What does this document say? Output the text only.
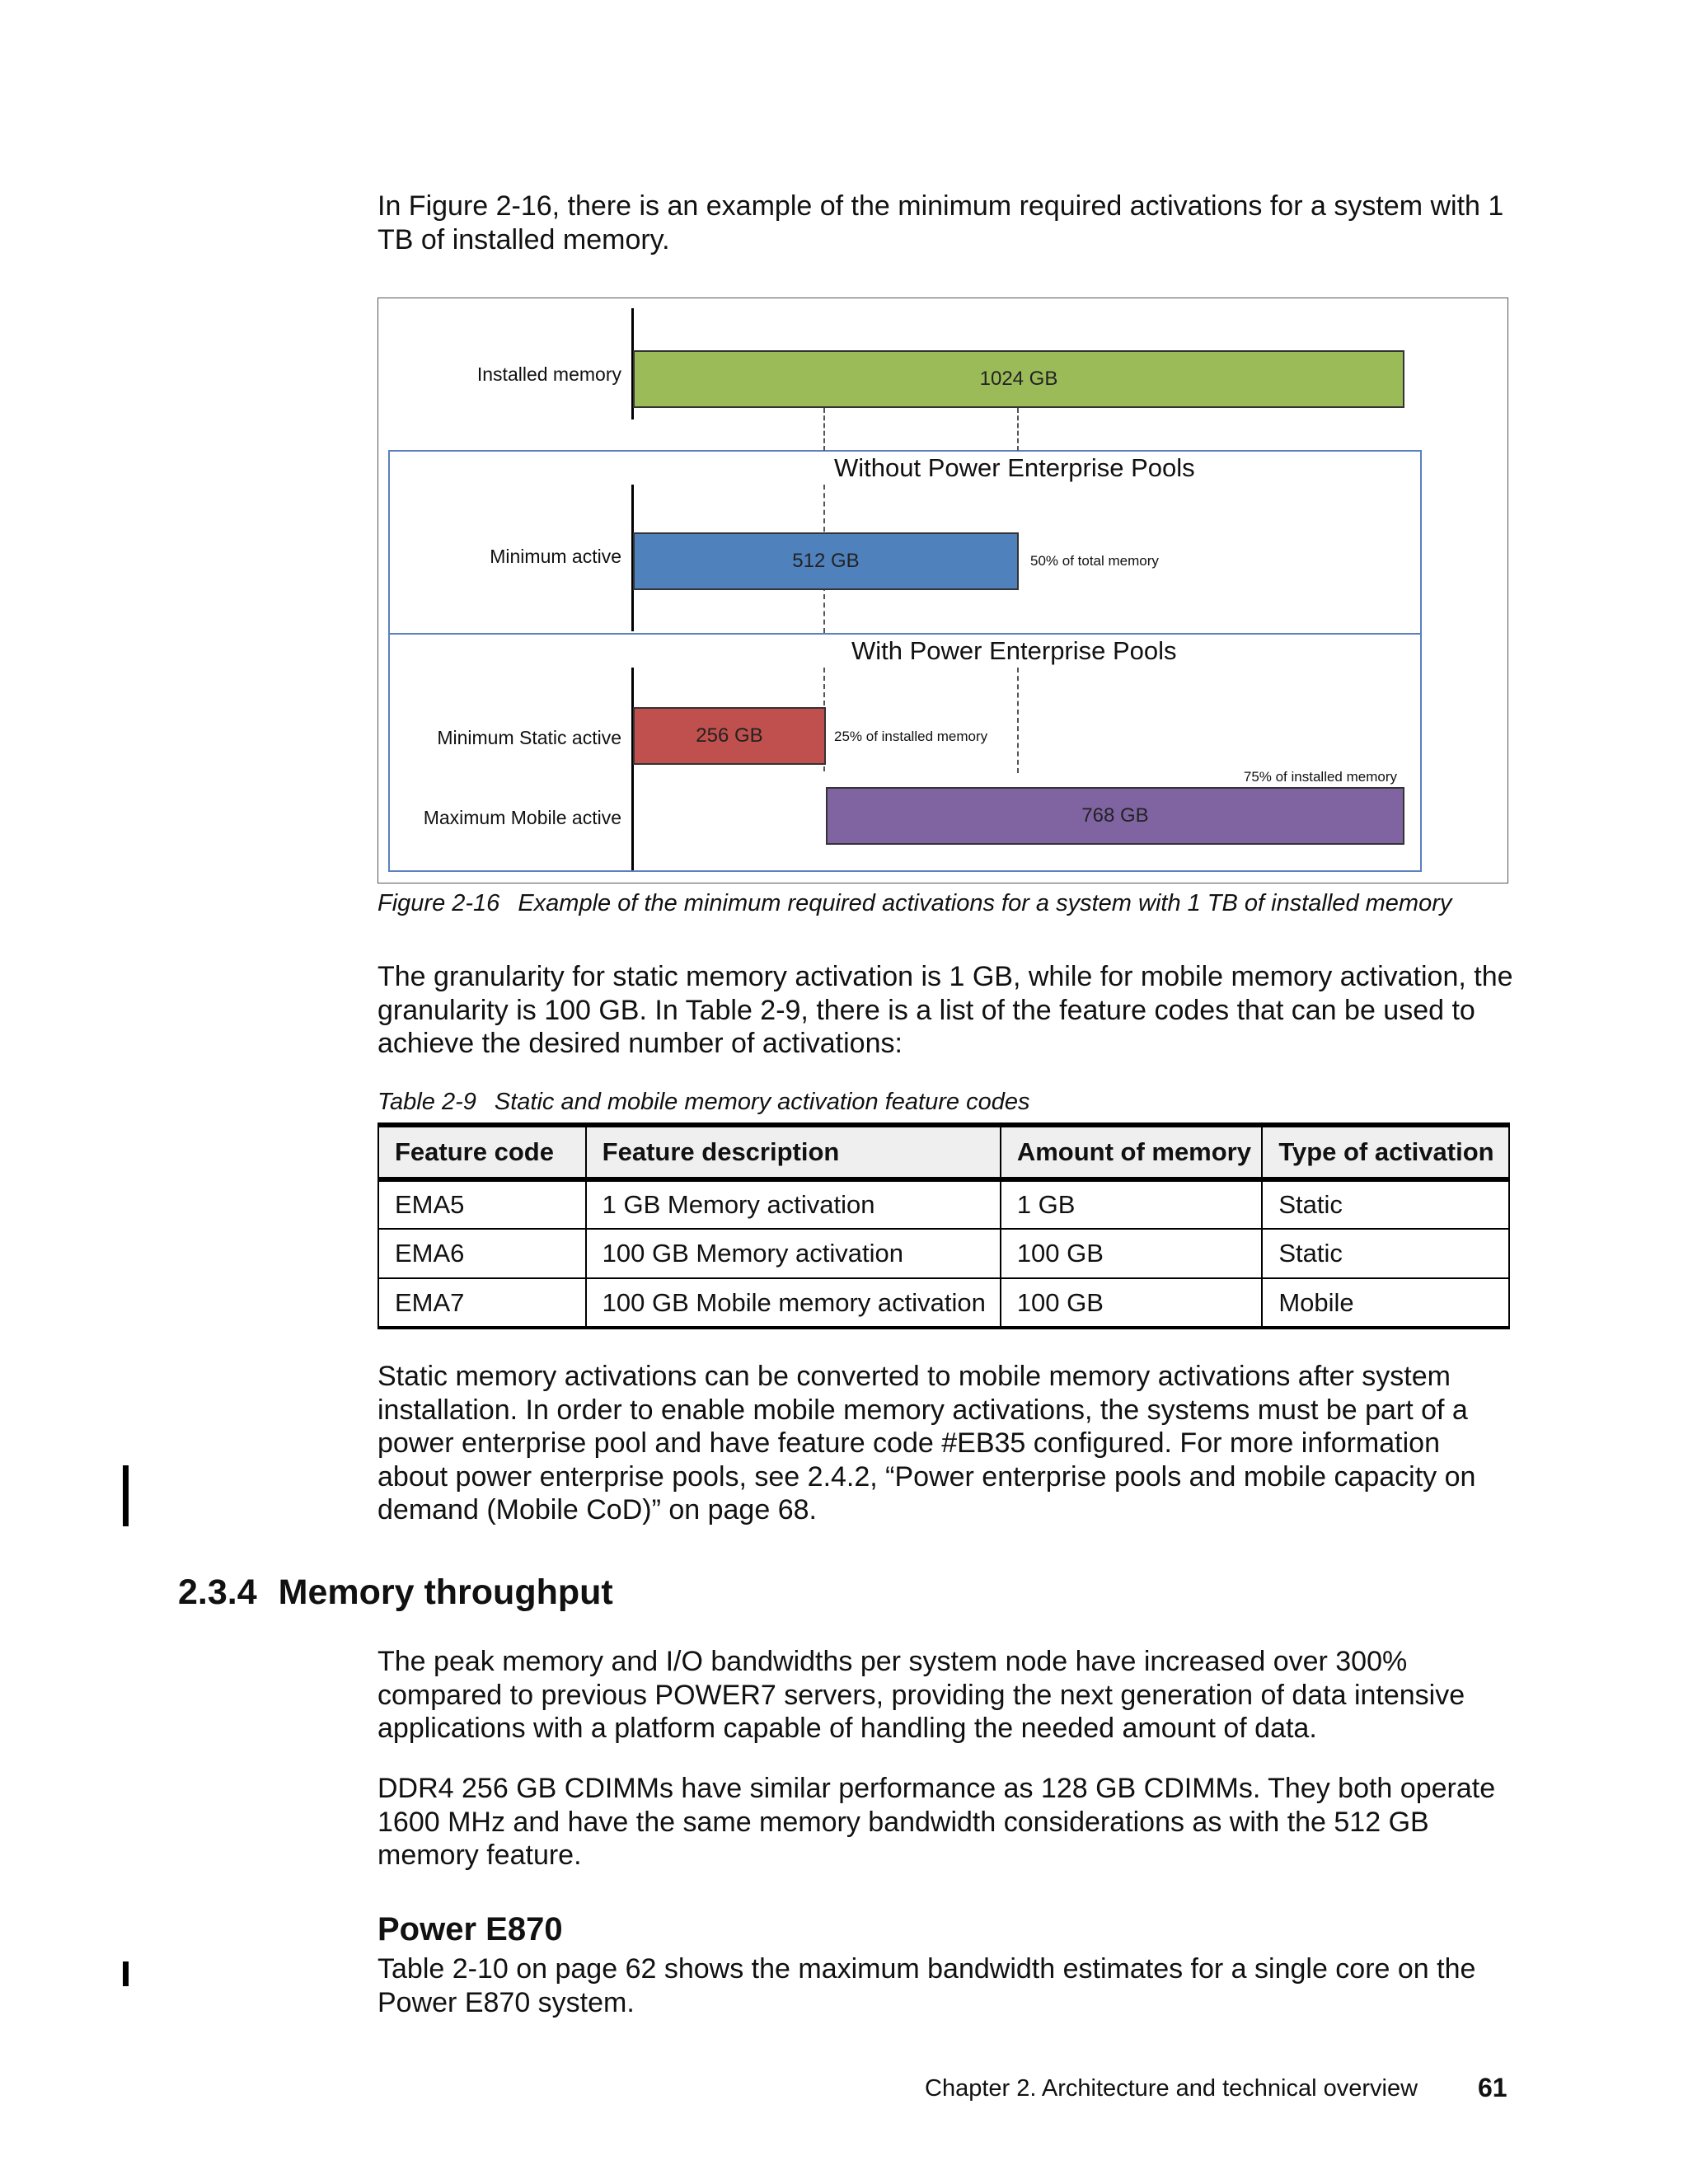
In Figure 2-16, there is an example of the minimum required activations for a system with 1 TB of installed memory.

Installed memory
Minimum active
Minimum Static active
Maximum Mobile active
1024 GB
512 GB
256 GB
768 GB
Without Power Enterprise Pools
With Power Enterprise Pools
50% of total memory
25% of installed memory
75% of installed memory

Figure 2-16 Example of the minimum required activations for a system with 1 TB of installed memory

The granularity for static memory activation is 1 GB, while for mobile memory activation, the granularity is 100 GB. In Table 2-9, there is a list of the feature codes that can be used to achieve the desired number of activations:

Table 2-9 Static and mobile memory activation feature codes

Feature code	Feature description	Amount of memory	Type of activation
EMA5	1 GB Memory activation	1 GB	Static
EMA6	100 GB Memory activation	100 GB	Static
EMA7	100 GB Mobile memory activation	100 GB	Mobile

Static memory activations can be converted to mobile memory activations after system installation. In order to enable mobile memory activations, the systems must be part of a power enterprise pool and have feature code #EB35 configured. For more information about power enterprise pools, see 2.4.2, “Power enterprise pools and mobile capacity on demand (Mobile CoD)” on page 68.

2.3.4 Memory throughput

The peak memory and I/O bandwidths per system node have increased over 300% compared to previous POWER7 servers, providing the next generation of data intensive applications with a platform capable of handling the needed amount of data.

DDR4 256 GB CDIMMs have similar performance as 128 GB CDIMMs. They both operate 1600 MHz and have the same memory bandwidth considerations as with the 512 GB memory feature.

Power E870

Table 2-10 on page 62 shows the maximum bandwidth estimates for a single core on the Power E870 system.

Chapter 2. Architecture and technical overview 61
